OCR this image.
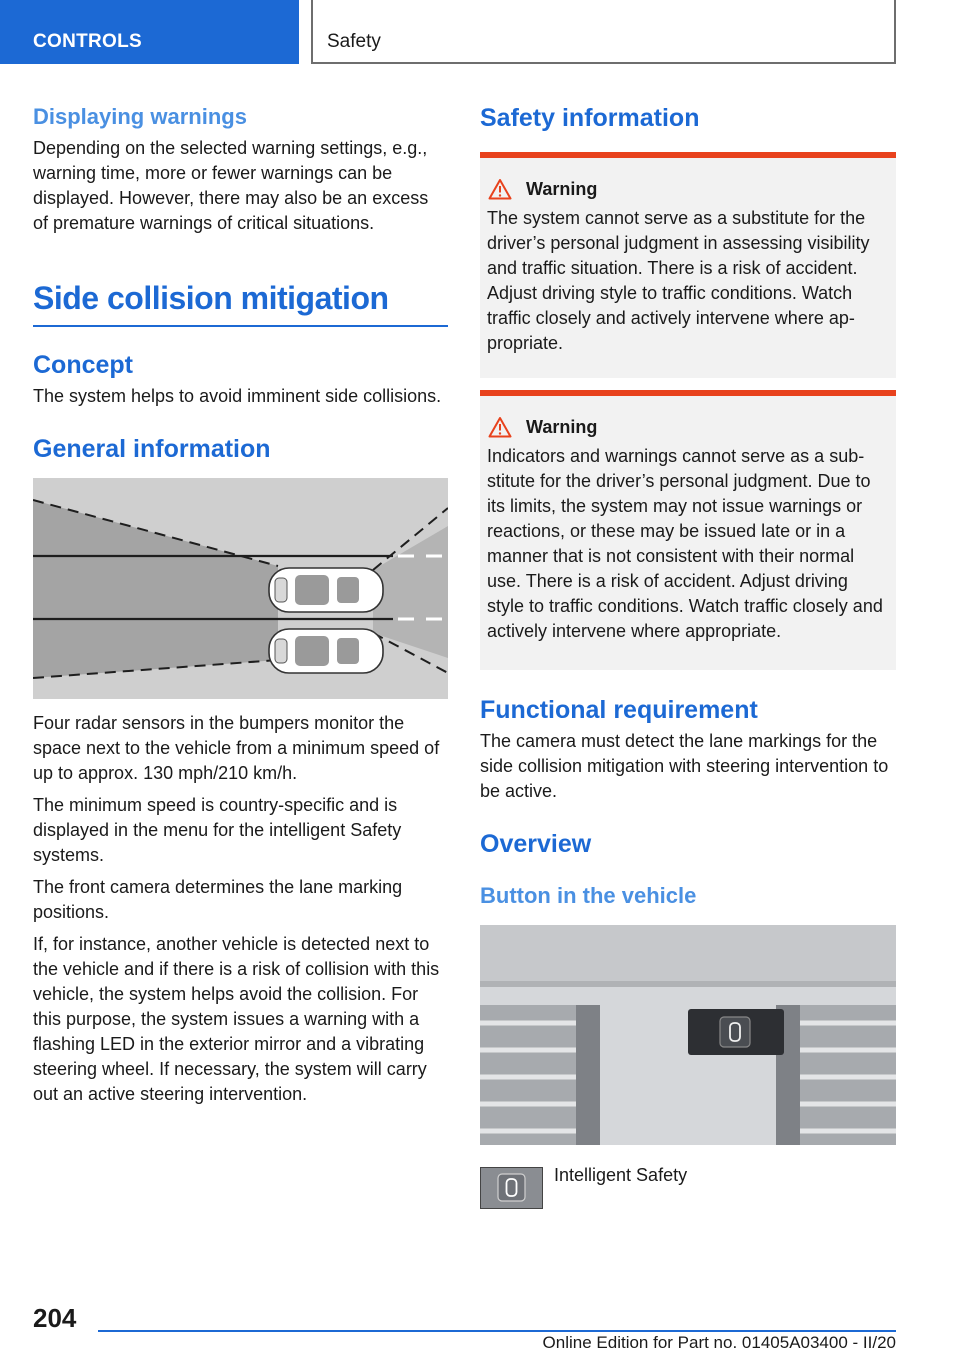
CONTROLS	Safety
Displaying warnings

Depending on the selected warning settings, e.g., warning time, more or fewer warnings can be displayed. However, there may also be an excess of premature warnings of critical situations.

Side collision mitigation
Concept

The system helps to avoid imminent side collisions.

General information

Four radar sensors in the bumpers monitor the space next to the vehicle from a minimum speed of up to approx. 130 mph/210 km/h.

The minimum speed is country-specific and is displayed in the menu for the intelligent Safety systems.

The front camera determines the lane marking positions.

If, for instance, another vehicle is detected next to the vehicle and if there is a risk of collision with this vehicle, the system helps avoid the collision. For this purpose, the system issues a warning with a flashing LED in the exterior mirror and a vibrating steering wheel. If necessary, the system will carry out an active steering intervention.

Safety information
Warning

The system cannot serve as a substitute for the driver’s personal judgment in assessing visibility and traffic situation. There is a risk of accident. Adjust driving style to traffic conditions. Watch traffic closely and actively intervene where appropriate.

Warning

Indicators and warnings cannot serve as a substitute for the driver’s personal judgment. Due to its limits, the system may not issue warnings or reactions, or these may be issued late or in a manner that is not consistent with their normal use. There is a risk of accident. Adjust driving style to traffic conditions. Watch traffic closely and actively intervene where appropriate.

Functional requirement

The camera must detect the lane markings for the side collision mitigation with steering intervention to be active.

Overview
Button in the vehicle
Intelligent Safety
204
Online Edition for Part no. 01405A03400 - II/20
